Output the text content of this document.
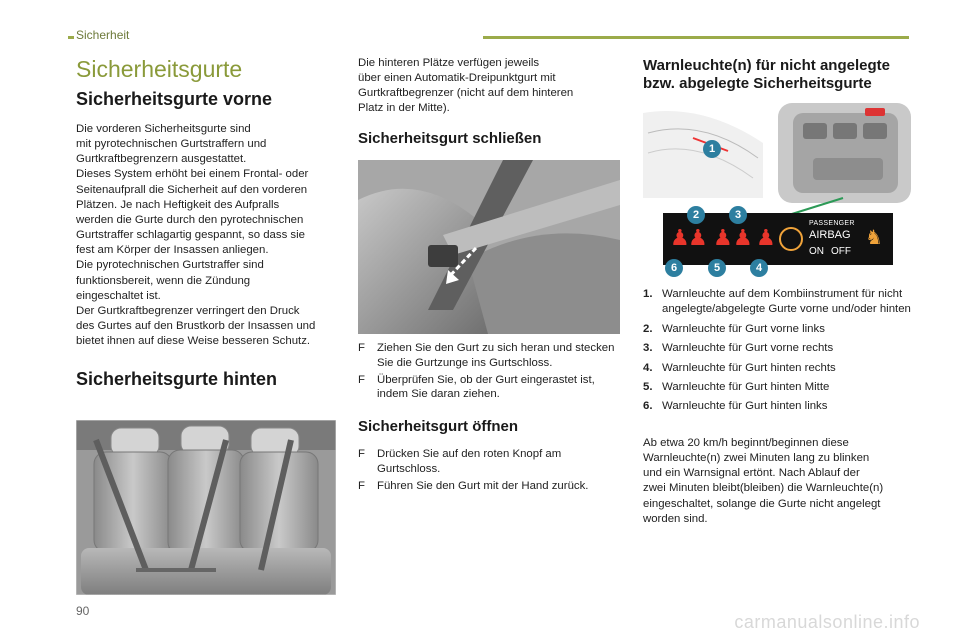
Sicherheit
Sicherheitsgurte
Sicherheitsgurte vorne
Die vorderen Sicherheitsgurte sind
mit pyrotechnischen Gurtstraffern und
Gurtkraftbegrenzern ausgestattet.
Dieses System erhöht bei einem Frontal- oder
Seitenaufprall die Sicherheit auf den vorderen
Plätzen. Je nach Heftigkeit des Aufpralls
werden die Gurte durch den pyrotechnischen
Gurtstraffer schlagartig gespannt, so dass sie
fest am Körper der Insassen anliegen.
Die pyrotechnischen Gurtstraffer sind
funktionsbereit, wenn die Zündung
eingeschaltet ist.
Der Gurtkraftbegrenzer verringert den Druck
des Gurtes auf den Brustkorb der Insassen und
bietet ihnen auf diese Weise besseren Schutz.
Sicherheitsgurte hinten
Die hinteren Plätze verfügen jeweils
über einen Automatik-Dreipunktgurt mit
Gurtkraftbegrenzer (nicht auf dem hinteren
Platz in der Mitte).
Sicherheitsgurt schließen
F Ziehen Sie den Gurt zu sich heran und stecken Sie die Gurtzunge ins Gurtschloss.
F Überprüfen Sie, ob der Gurt eingerastet ist, indem Sie daran ziehen.
Sicherheitsgurt öffnen
F Drücken Sie auf den roten Knopf am Gurtschloss.
F Führen Sie den Gurt mit der Hand zurück.
Warnleuchte(n) für nicht angelegte bzw. abgelegte Sicherheitsgurte
♟
♟ ♟ ♟ ♟
PASSENGER
AIRBAG
ON OFF
♞
1
2	3
4
5
6
1. Warnleuchte auf dem Kombiinstrument für nicht angelegte/abgelegte Gurte vorne und/oder hinten
2. Warnleuchte für Gurt vorne links
3. Warnleuchte für Gurt vorne rechts
4. Warnleuchte für Gurt hinten rechts
5. Warnleuchte für Gurt hinten Mitte
6. Warnleuchte für Gurt hinten links
Ab etwa 20 km/h beginnt/beginnen diese
Warnleuchte(n) zwei Minuten lang zu blinken
und ein Warnsignal ertönt. Nach Ablauf der
zwei Minuten bleibt(bleiben) die Warnleuchte(n)
eingeschaltet, solange die Gurte nicht angelegt
worden sind.
90
carmanualsonline.info
